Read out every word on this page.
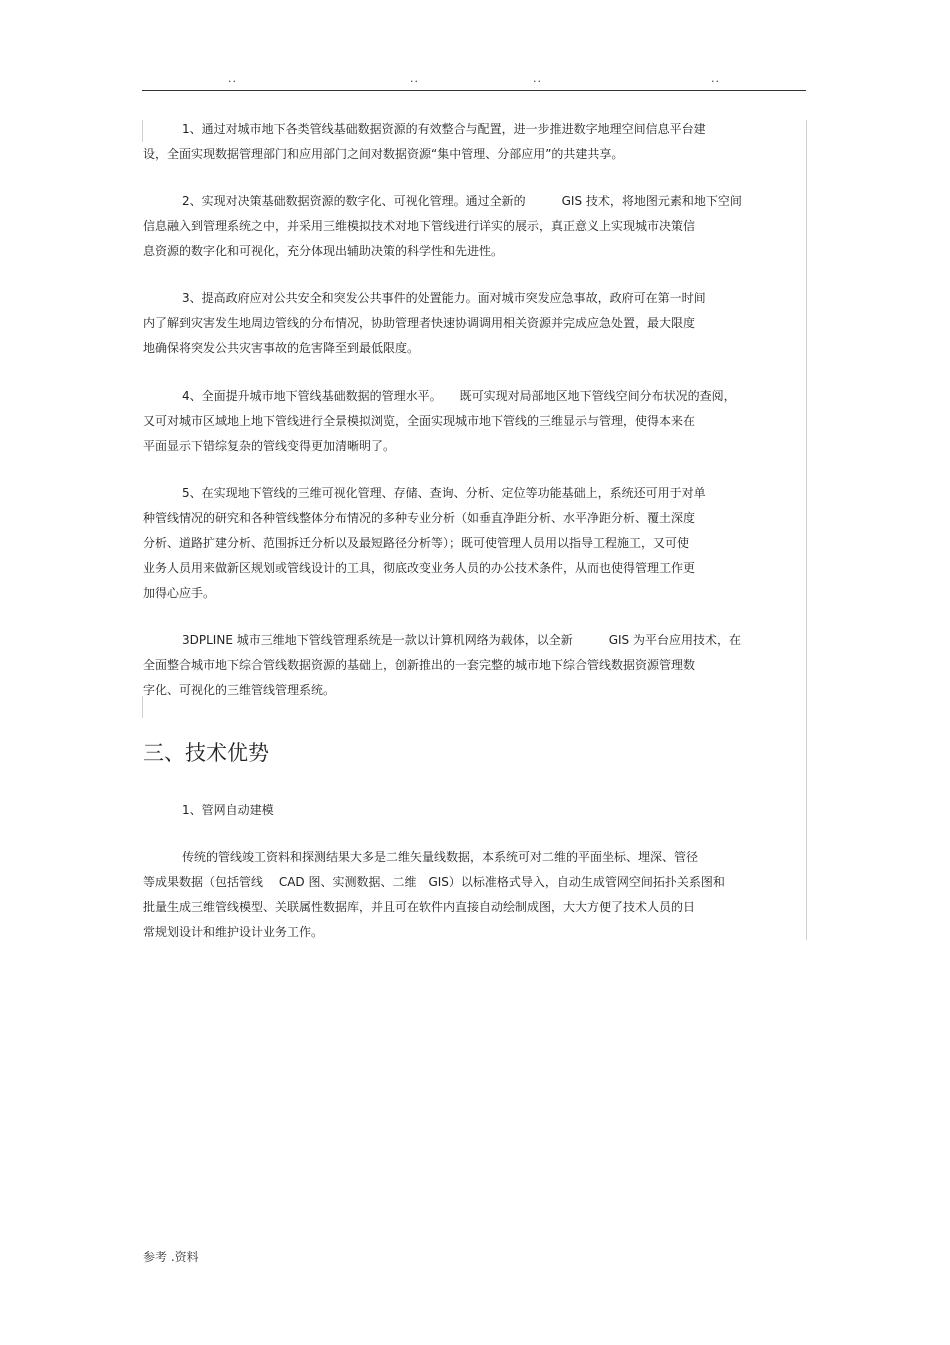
..	..	..	..
1、通过对城市地下各类管线基础数据资源的有效整合与配置，进一步推进数字地理空间信息平台建
设，全面实现数据管理部门和应用部门之间对数据资源“集中管理、分部应用”的共建共享。
2、实现对决策基础数据资源的数字化、可视化管理。通过全新的　　　GIS 技术，将地图元素和地下空间
信息融入到管理系统之中，并采用三维模拟技术对地下管线进行详实的展示，真正意义上实现城市决策信
息资源的数字化和可视化，充分体现出辅助决策的科学性和先进性。
3、提高政府应对公共安全和突发公共事件的处置能力。面对城市突发应急事故，政府可在第一时间
内了解到灾害发生地周边管线的分布情况，协助管理者快速协调调用相关资源并完成应急处置，最大限度
地确保将突发公共灾害事故的危害降至到最低限度。
4、全面提升城市地下管线基础数据的管理水平。　　既可实现对局部地区地下管线空间分布状况的查阅，
又可对城市区域地上地下管线进行全景模拟浏览，全面实现城市地下管线的三维显示与管理，使得本来在
平面显示下错综复杂的管线变得更加清晰明了。
5、在实现地下管线的三维可视化管理、存储、查询、分析、定位等功能基础上，系统还可用于对单
种管线情况的研究和各种管线整体分布情况的多种专业分析（如垂直净距分析、水平净距分析、覆土深度
分析、道路扩建分析、范围拆迁分析以及最短路径分析等）；既可使管理人员用以指导工程施工，又可使
业务人员用来做新区规划或管线设计的工具，彻底改变业务人员的办公技术条件，从而也使得管理工作更
加得心应手。
3DPLINE 城市三维地下管线管理系统是一款以计算机网络为载体，以全新　　　GIS 为平台应用技术，在
全面整合城市地下综合管线数据资源的基础上，创新推出的一套完整的城市地下综合管线数据资源管理数
字化、可视化的三维管线管理系统。
三、技术优势
1、管网自动建模
传统的管线竣工资料和探测结果大多是二维矢量线数据，本系统可对二维的平面坐标、埋深、管径
等成果数据（包括管线　 CAD 图、实测数据、二维　GIS）以标准格式导入，自动生成管网空间拓扑关系图和
批量生成三维管线模型、关联属性数据库，并且可在软件内直接自动绘制成图，大大方便了技术人员的日
常规划设计和维护设计业务工作。
参考 .资料
